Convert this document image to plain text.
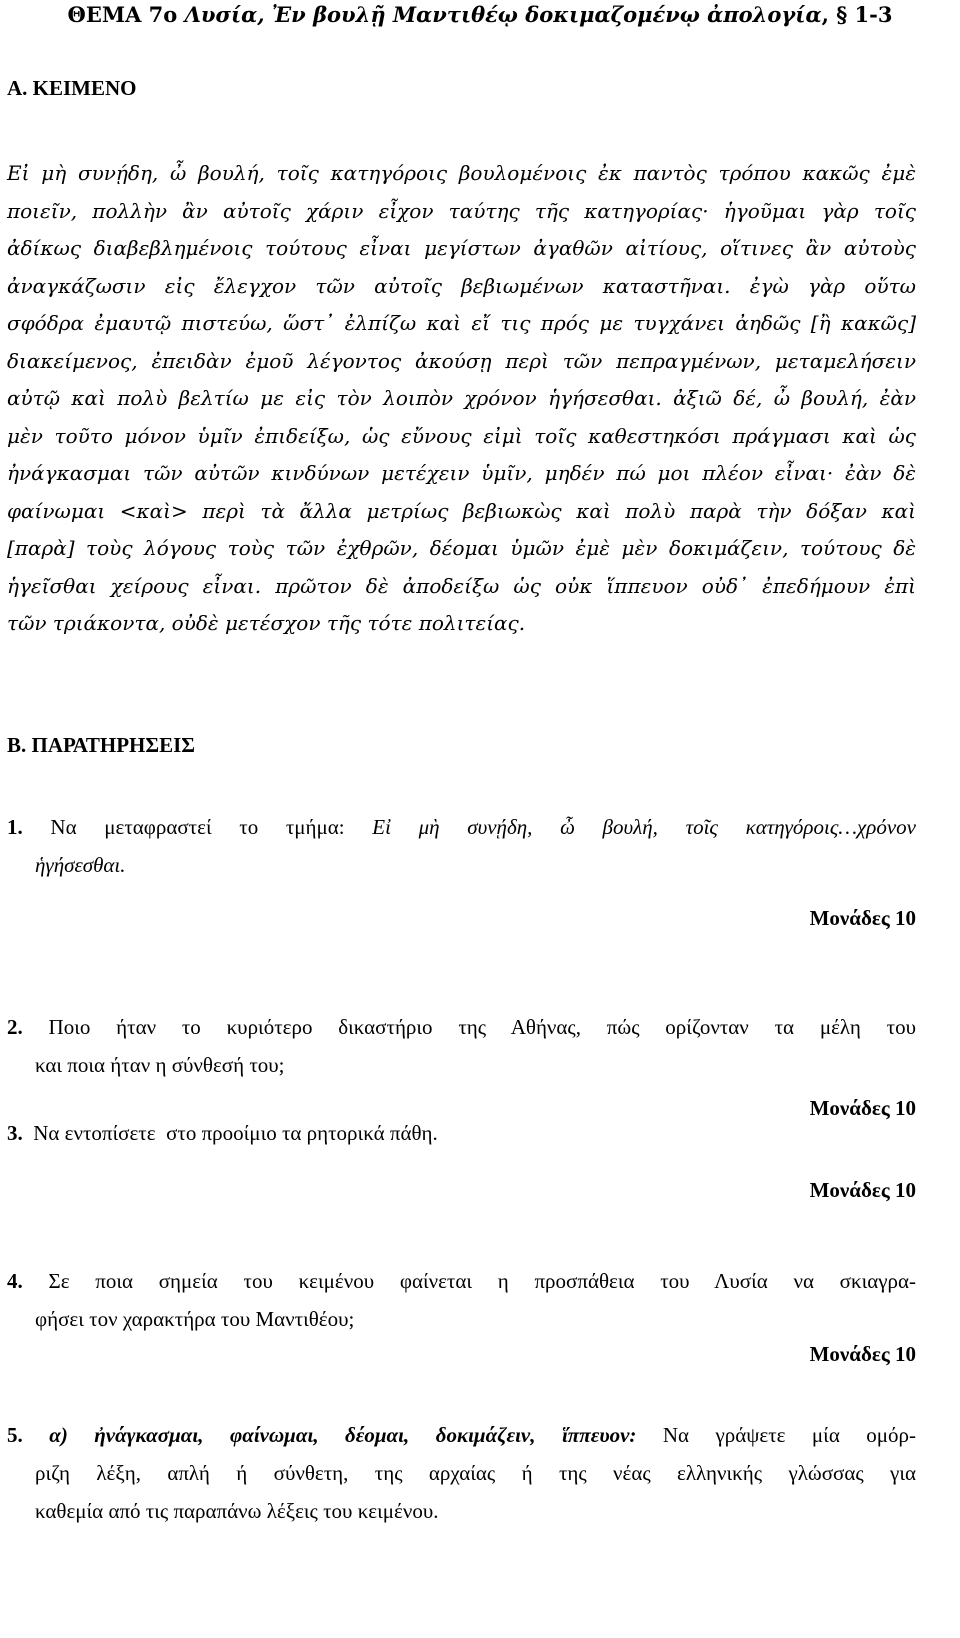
ΘΕΜΑ 7ο Λυσία, Ἐν βουλῇ Μαντιθέῳ δοκιμαζομένῳ ἀπολογία, § 1-3
Α. ΚΕΙΜΕΝΟ
Εἰ μὴ συνῄδη, ὦ βουλή, τοῖς κατηγόροις βουλομένοις ἐκ παντὸς τρόπου κακῶς ἐμὲ
ποιεῖν, πολλὴν ἂν αὐτοῖς χάριν εἶχον ταύτης τῆς κατηγορίας· ἡγοῦμαι γὰρ τοῖς
ἀδίκως διαβεβλημένοις τούτους εἶναι μεγίστων ἀγαθῶν αἰτίους, οἵτινες ἂν αὐτοὺς
ἀναγκάζωσιν εἰς ἔλεγχον τῶν αὐτοῖς βεβιωμένων καταστῆναι. ἐγὼ γὰρ οὕτω
σφόδρα ἐμαυτῷ πιστεύω, ὥστ᾽ ἐλπίζω καὶ εἴ τις πρός με τυγχάνει ἀηδῶς [ἢ κακῶς]
διακείμενος, ἐπειδὰν ἐμοῦ λέγοντος ἀκούσῃ περὶ τῶν πεπραγμένων, μεταμελήσειν
αὐτῷ καὶ πολὺ βελτίω με εἰς τὸν λοιπὸν χρόνον ἡγήσεσθαι. ἀξιῶ δέ, ὦ βουλή, ἐὰν
μὲν τοῦτο μόνον ὑμῖν ἐπιδείξω, ὡς εὔνους εἰμὶ τοῖς καθεστηκόσι πράγμασι καὶ ὡς
ἠνάγκασμαι τῶν αὐτῶν κινδύνων μετέχειν ὑμῖν, μηδέν πώ μοι πλέον εἶναι· ἐὰν δὲ
φαίνωμαι <καὶ> περὶ τὰ ἄλλα μετρίως βεβιωκὼς καὶ πολὺ παρὰ τὴν δόξαν καὶ
[παρὰ] τοὺς λόγους τοὺς τῶν ἐχθρῶν, δέομαι ὑμῶν ἐμὲ μὲν δοκιμάζειν, τούτους δὲ
ἡγεῖσθαι χείρους εἶναι. πρῶτον δὲ ἀποδείξω ὡς οὐκ ἵππευον οὐδ᾽ ἐπεδήμουν ἐπὶ
τῶν τριάκοντα, οὐδὲ μετέσχον τῆς τότε πολιτείας.
Β. ΠΑΡΑΤΗΡΗΣΕΙΣ
1. Να μεταφραστεί το τμήμα: Εἰ μὴ συνῄδη, ὦ βουλή, τοῖς κατηγόροις…χρόνον
ἡγήσεσθαι.
Μονάδες 10
2. Ποιο ήταν το κυριότερο δικαστήριο της Αθήνας, πώς ορίζονταν τα μέλη του
και ποια ήταν η σύνθεσή του;
Μονάδες 10
3.  Να εντοπίσετε  στο προοίμιο τα ρητορικά πάθη.
Μονάδες 10
4. Σε ποια σημεία του κειμένου φαίνεται η προσπάθεια του Λυσία να σκιαγρα-
φήσει τον χαρακτήρα του Μαντιθέου;
Μονάδες 10
5. α) ἠνάγκασμαι, φαίνωμαι, δέομαι, δοκιμάζειν, ἵππευον: Να γράψετε μία ομόρ-
ριζη λέξη, απλή ή σύνθετη, της αρχαίας ή της νέας ελληνικής γλώσσας για
καθεμία από τις παραπάνω λέξεις του κειμένου.
